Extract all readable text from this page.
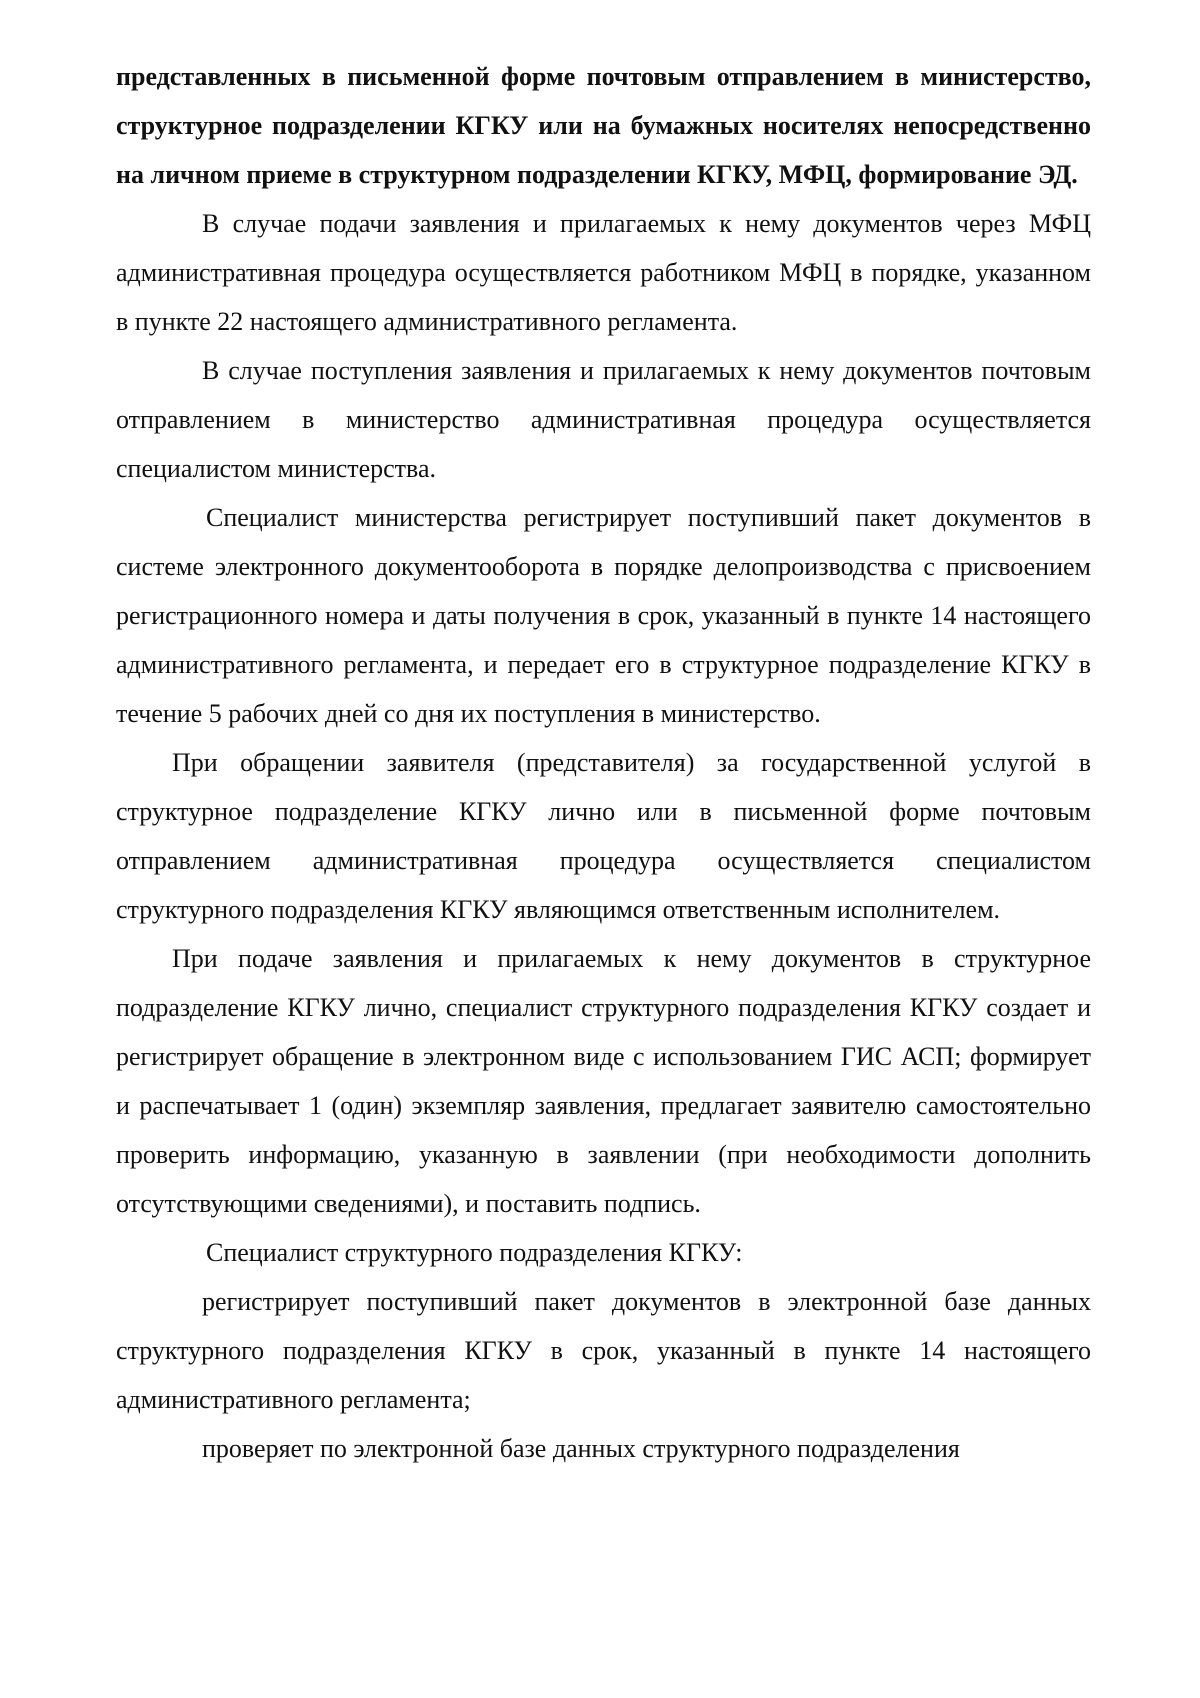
представленных в письменной форме почтовым отправлением в министерство, структурное подразделении КГКУ или на бумажных носителях непосредственно на личном приеме в структурном подразделении КГКУ, МФЦ, формирование ЭД.

В случае подачи заявления и прилагаемых к нему документов через МФЦ административная процедура осуществляется работником МФЦ в порядке, указанном в пункте 22 настоящего административного регламента.

В случае поступления заявления и прилагаемых к нему документов почтовым отправлением в министерство административная процедура осуществляется специалистом министерства.

Специалист министерства регистрирует поступивший пакет документов в системе электронного документооборота в порядке делопроизводства с присвоением регистрационного номера и даты получения в срок, указанный в пункте 14 настоящего административного регламента, и передает его в структурное подразделение КГКУ в течение 5 рабочих дней со дня их поступления в министерство.

При обращении заявителя (представителя) за государственной услугой в структурное подразделение КГКУ лично или в письменной форме почтовым отправлением административная процедура осуществляется специалистом структурного подразделения КГКУ являющимся ответственным исполнителем.

При подаче заявления и прилагаемых к нему документов в структурное подразделение КГКУ лично, специалист структурного подразделения КГКУ создает и регистрирует обращение в электронном виде с использованием ГИС АСП; формирует и распечатывает 1 (один) экземпляр заявления, предлагает заявителю самостоятельно проверить информацию, указанную в заявлении (при необходимости дополнить отсутствующими сведениями), и поставить подпись.

Специалист структурного подразделения КГКУ:

регистрирует поступивший пакет документов в электронной базе данных структурного подразделения КГКУ в срок, указанный в пункте 14 настоящего административного регламента;

проверяет по электронной базе данных структурного подразделения
